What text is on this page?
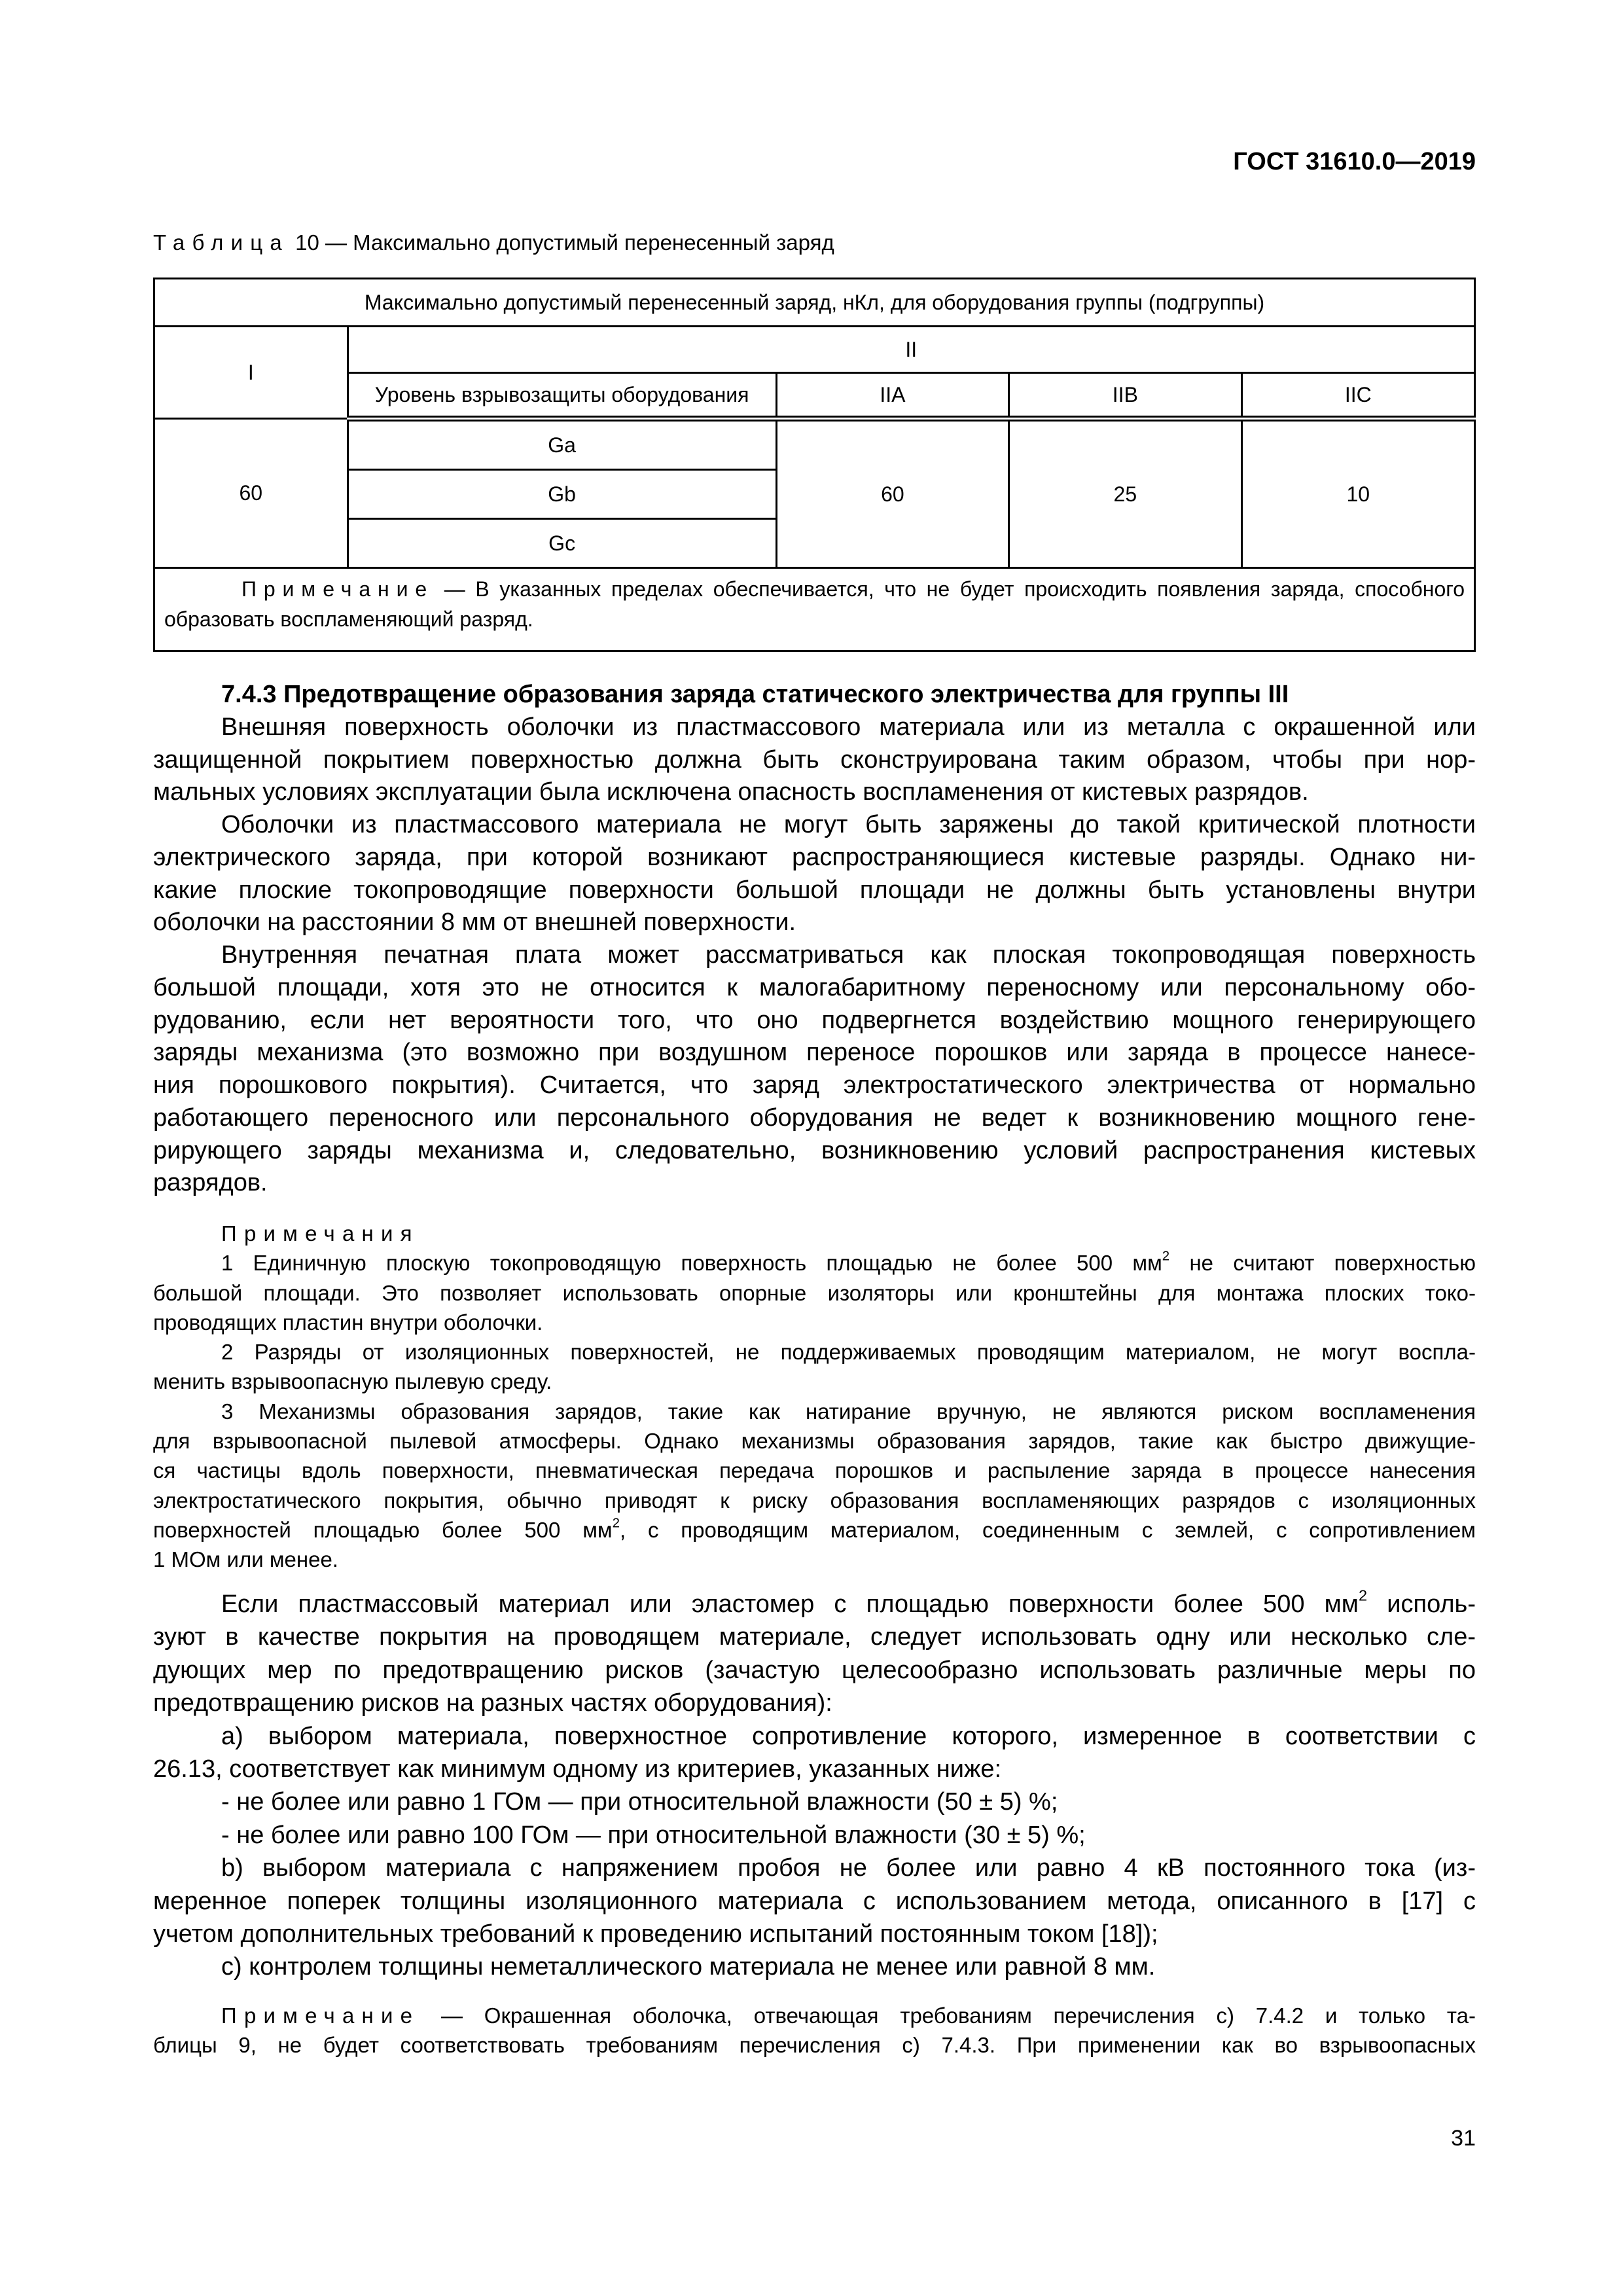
ГОСТ 31610.0—2019
Таблица 10 — Максимально допустимый перенесенный заряд
Максимально допустимый перенесенный заряд, нКл, для оборудования группы (подгруппы)				
I	II			
	Уровень взрывозащиты оборудования	IIA	IIB	IIC
60	Ga	60	25	10
	Gb			
	Gc			
Примечание — В указанных пределах обеспечивается, что не будет происходить появления заряда, способного образовать воспламеняющий разряд.				
7.4.3 Предотвращение образования заряда статического электричества для группы III
Внешняя поверхность оболочки из пластмассового материала или из металла с окрашенной или
защищенной покрытием поверхностью должна быть сконструирована таким образом, чтобы при нор-
мальных условиях эксплуатации была исключена опасность воспламенения от кистевых разрядов.
Оболочки из пластмассового материала не могут быть заряжены до такой критической плотности
электрического заряда, при которой возникают распространяющиеся кистевые разряды. Однако ни-
какие плоские токопроводящие поверхности большой площади не должны быть установлены внутри
оболочки на расстоянии 8 мм от внешней поверхности.
Внутренняя печатная плата может рассматриваться как плоская токопроводящая поверхность
большой площади, хотя это не относится к малогабаритному переносному или персональному обо-
рудованию, если нет вероятности того, что оно подвергнется воздействию мощного генерирующего
заряды механизма (это возможно при воздушном переносе порошков или заряда в процессе нанесе-
ния порошкового покрытия). Считается, что заряд электростатического электричества от нормально
работающего переносного или персонального оборудования не ведет к возникновению мощного гене-
рирующего заряды механизма и, следовательно, возникновению условий распространения кистевых
разрядов.
Примечания
1 Единичную плоскую токопроводящую поверхность площадью не более 500 $мм^2$ не считают поверхностью
большой площади. Это позволяет использовать опорные изоляторы или кронштейны для монтажа плоских токо-
проводящих пластин внутри оболочки.
2 Разряды от изоляционных поверхностей, не поддерживаемых проводящим материалом, не могут воспла-
менить взрывоопасную пылевую среду.
3 Механизмы образования зарядов, такие как натирание вручную, не являются риском воспламенения
для взрывоопасной пылевой атмосферы. Однако механизмы образования зарядов, такие как быстро движущие-
ся частицы вдоль поверхности, пневматическая передача порошков и распыление заряда в процессе нанесения
электростатического покрытия, обычно приводят к риску образования воспламеняющих разрядов с изоляционных
поверхностей площадью более 500 $мм^2$, с проводящим материалом, соединенным с землей, с сопротивлением
1 МОм или менее.
Если пластмассовый материал или эластомер с площадью поверхности более 500 $мм^2$ исполь-
зуют в качестве покрытия на проводящем материале, следует использовать одну или несколько сле-
дующих мер по предотвращению рисков (зачастую целесообразно использовать различные меры по
предотвращению рисков на разных частях оборудования):
а) выбором материала, поверхностное сопротивление которого, измеренное в соответствии с
26.13, соответствует как минимум одному из критериев, указанных ниже:
- не более или равно 1 ГОм — при относительной влажности (50 ± 5) %;
- не более или равно 100 ГОм — при относительной влажности (30 ± 5) %;
b) выбором материала с напряжением пробоя не более или равно 4 кВ постоянного тока (из-
меренное поперек толщины изоляционного материала с использованием метода, описанного в [17] с
учетом дополнительных требований к проведению испытаний постоянным током [18]);
c) контролем толщины неметаллического материала не менее или равной 8 мм.
Примечание — Окрашенная оболочка, отвечающая требованиям перечисления c) 7.4.2 и только та-
блицы 9, не будет соответствовать требованиям перечисления c) 7.4.3. При применении как во взрывоопасных
31
